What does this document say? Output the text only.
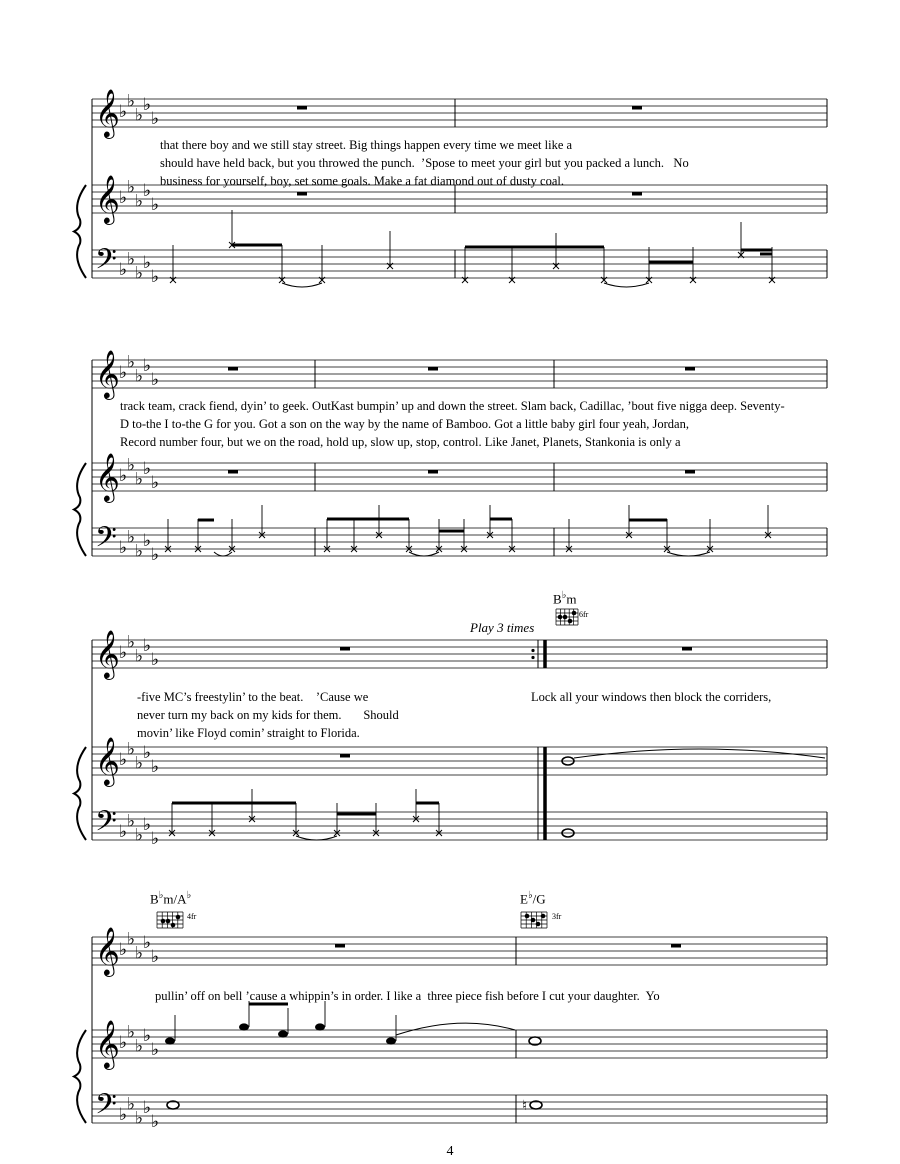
𝄞
𝄞
𝄢
𝄞
𝄞
𝄢
𝄞
𝄞
𝄢
𝄞
𝄞
𝄢
♭
♭
♭
♭
♭
♭
♭
♭
♭
♭
♭
♭
♭
♭
♭
♭
♭
♭
♭
♭
♭
♭
♭
♭
♭
♭
♭
♭
♭
♭
♭
♭
♭
♭
♭
♭
♭
♭
♭
♭
♭
♭
♭
♭
♭
♭
♭
♭
♭
♭
♭
♭
♭
♭
♭
♭
♭
♭
♭
♭
♮
that there boy and we still stay street. Big things happen every time we meet like a
should have held back, but you throwed the punch.  ’Spose to meet your girl but you packed a lunch.   No
business for yourself, boy, set some goals. Make a fat diamond out of dusty coal.
track team, crack fiend, dyin’ to geek. OutKast bumpin’ up and down the street. Slam back, Cadillac, ’bout five nigga deep. Seventy-
D to-the I to-the G for you. Got a son on the way by the name of Bamboo. Got a little baby girl four yeah, Jordan,
Record number four, but we on the road, hold up, slow up, stop, control. Like Janet, Planets, Stankonia is only a
Play 3 times
B♭m
6fr
-five MC’s freestylin’ to the beat.    ’Cause we
never turn my back on my kids for them.       Should
movin’ like Floyd comin’ straight to Florida.
Lock all your windows then block the corriders,
B♭m/A♭
4fr
E♭/G
3fr
pullin’ off on bell ’cause a whippin’s in order. I like a  three piece fish before I cut your daughter.  Yo
4
